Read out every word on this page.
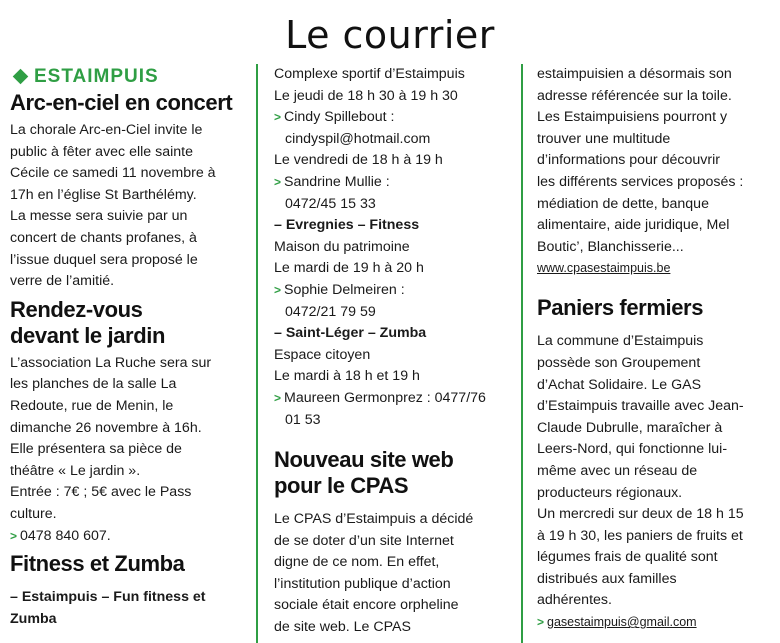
Le courrier
ESTAIMPUIS
Arc-en-ciel en concert
La chorale Arc-en-Ciel invite le
public à fêter avec elle sainte
Cécile ce samedi 11 novembre à
17h en l’église St Barthélémy.
La messe sera suivie par un
concert de chants profanes, à
l’issue duquel sera proposé le
verre de l’amitié.
Rendez-vous
devant le jardin
L’association La Ruche sera sur
les planches de la salle La
Redoute, rue de Menin, le
dimanche 26 novembre à 16h.
Elle présentera sa pièce de
théâtre « Le jardin ».
Entrée : 7€ ; 5€ avec le Pass
culture.
> 0478 840 607.
Fitness et Zumba
– Estaimpuis – Fun fitness et
Zumba
Complexe sportif d’Estaimpuis
Le jeudi de 18 h 30 à 19 h 30
> Cindy Spillebout :
cindyspil@hotmail.com
Le vendredi de 18 h à 19 h
> Sandrine Mullie :
0472/45 15 33
– Evregnies – Fitness
Maison du patrimoine
Le mardi de 19 h à 20 h
> Sophie Delmeiren :
0472/21 79 59
– Saint-Léger – Zumba
Espace citoyen
Le mardi à 18 h et 19 h
> Maureen Germonprez : 0477/76
01 53
Nouveau site web
pour le CPAS
Le CPAS d’Estaimpuis a décidé
de se doter d’un site Internet
digne de ce nom. En effet,
l’institution publique d’action
sociale était encore orpheline
de site web. Le CPAS
estaimpuisien a désormais son
adresse référencée sur la toile.
Les Estaimpuisiens pourront y
trouver une multitude
d’informations pour découvrir
les différents services proposés :
médiation de dette, banque
alimentaire, aide juridique, Mel
Boutic’, Blanchisserie...
www.cpasestaimpuis.be
Paniers fermiers
La commune d’Estaimpuis
possède son Groupement
d’Achat Solidaire. Le GAS
d’Estaimpuis travaille avec Jean-
Claude Dubrulle, maraîcher à
Leers-Nord, qui fonctionne lui-
même avec un réseau de
producteurs régionaux.
Un mercredi sur deux de 18 h 15
à 19 h 30, les paniers de fruits et
légumes frais de qualité sont
distribués aux familles
adhérentes.
> gasestaimpuis@gmail.com
